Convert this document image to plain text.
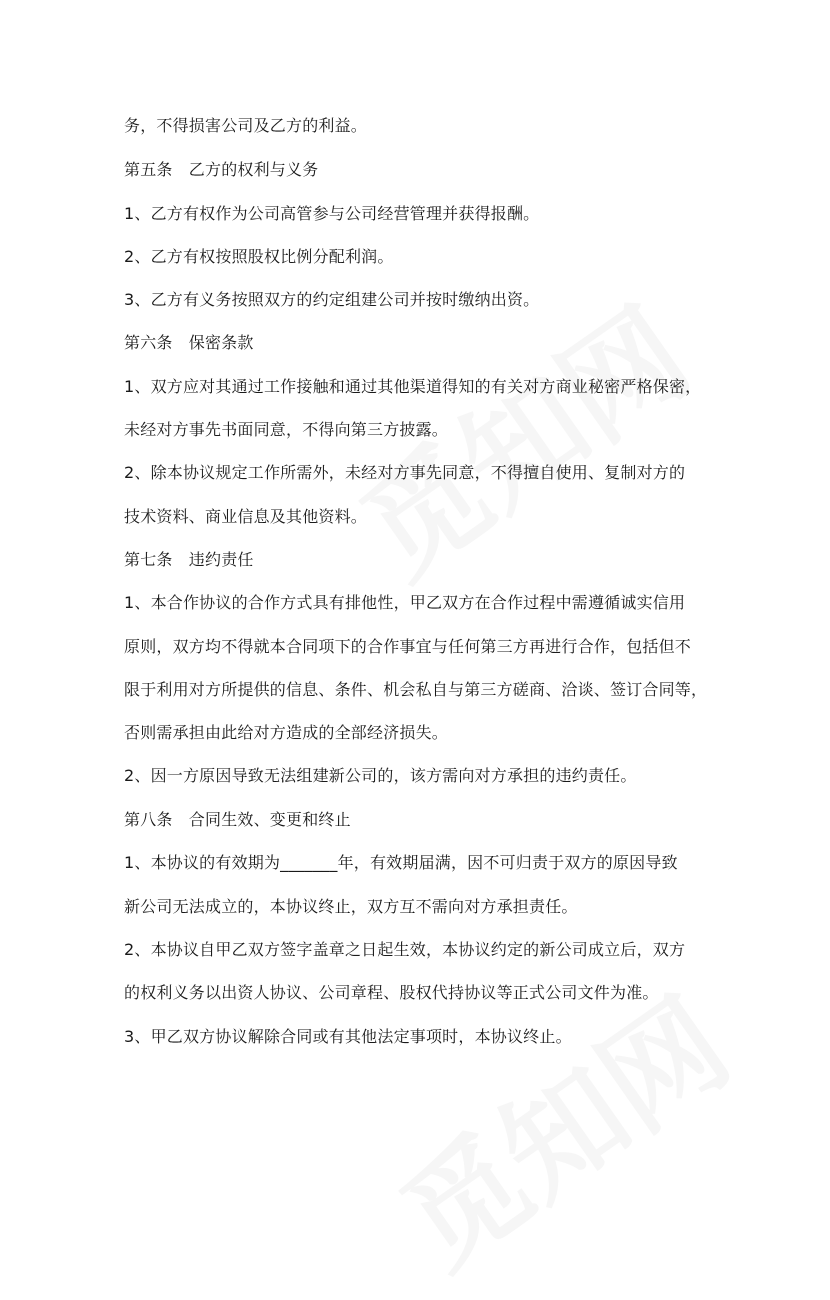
务，不得损害公司及乙方的利益。
第五条　乙方的权利与义务
1、乙方有权作为公司高管参与公司经营管理并获得报酬。
2、乙方有权按照股权比例分配利润。
3、乙方有义务按照双方的约定组建公司并按时缴纳出资。
第六条　保密条款
1、双方应对其通过工作接触和通过其他渠道得知的有关对方商业秘密严格保密，
未经对方事先书面同意，不得向第三方披露。
2、除本协议规定工作所需外，未经对方事先同意，不得擅自使用、复制对方的
技术资料、商业信息及其他资料。
第七条　违约责任
1、本合作协议的合作方式具有排他性，甲乙双方在合作过程中需遵循诚实信用
原则，双方均不得就本合同项下的合作事宜与任何第三方再进行合作，包括但不
限于利用对方所提供的信息、条件、机会私自与第三方磋商、洽谈、签订合同等，
否则需承担由此给对方造成的全部经济损失。
2、因一方原因导致无法组建新公司的，该方需向对方承担的违约责任。
第八条　合同生效、变更和终止
1、本协议的有效期为_______年，有效期届满，因不可归责于双方的原因导致
新公司无法成立的，本协议终止，双方互不需向对方承担责任。
2、本协议自甲乙双方签字盖章之日起生效，本协议约定的新公司成立后，双方
的权利义务以出资人协议、公司章程、股权代持协议等正式公司文件为准。
3、甲乙双方协议解除合同或有其他法定事项时，本协议终止。
